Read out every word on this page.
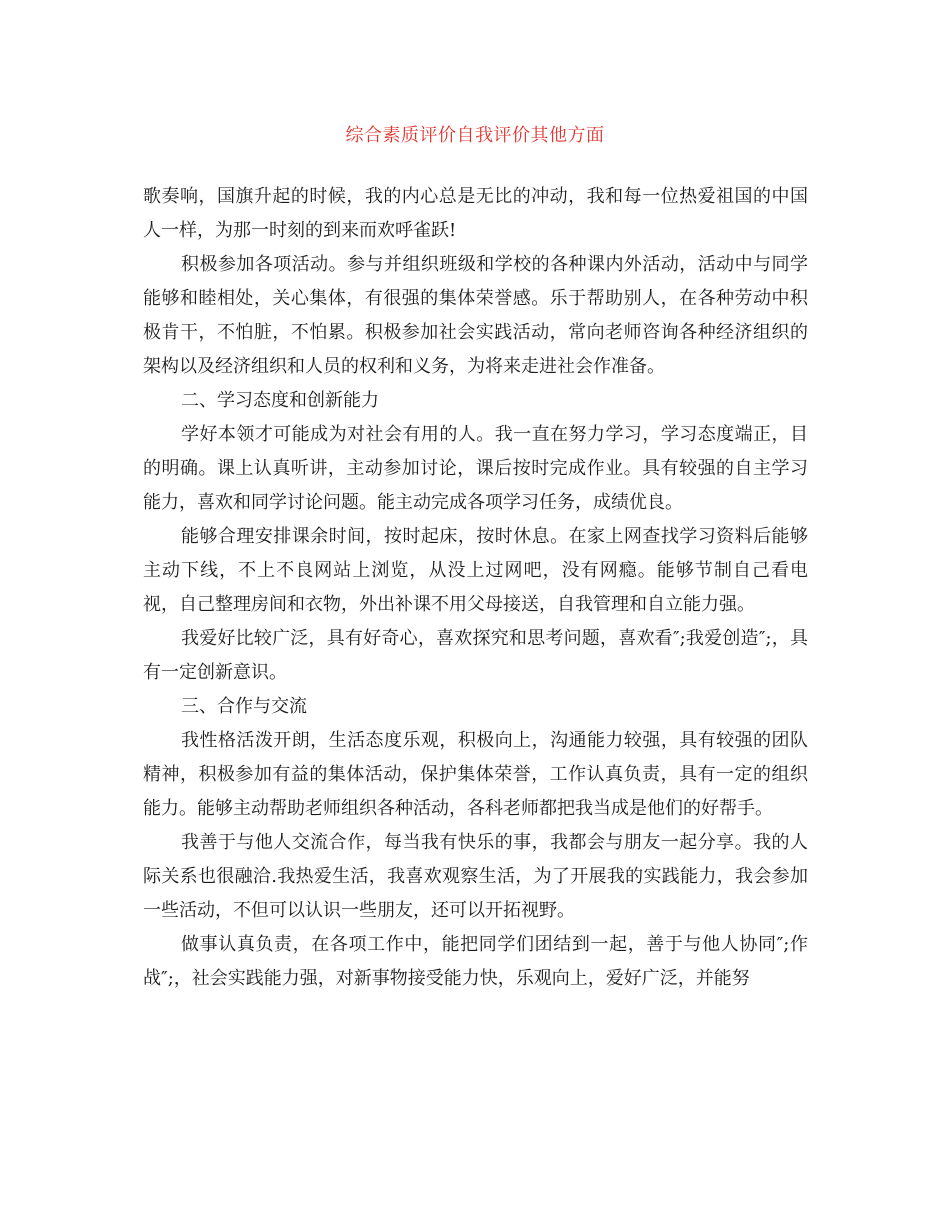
综合素质评价自我评价其他方面

歌奏响，国旗升起的时候，我的内心总是无比的冲动，我和每一位热爱祖国的中国人一样，为那一时刻的到来而欢呼雀跃!

积极参加各项活动。参与并组织班级和学校的各种课内外活动，活动中与同学能够和睦相处，关心集体，有很强的集体荣誉感。乐于帮助别人，在各种劳动中积极肯干，不怕脏，不怕累。积极参加社会实践活动，常向老师咨询各种经济组织的架构以及经济组织和人员的权利和义务，为将来走进社会作准备。

二、学习态度和创新能力

学好本领才可能成为对社会有用的人。我一直在努力学习，学习态度端正，目的明确。课上认真听讲，主动参加讨论，课后按时完成作业。具有较强的自主学习能力，喜欢和同学讨论问题。能主动完成各项学习任务，成绩优良。

能够合理安排课余时间，按时起床，按时休息。在家上网查找学习资料后能够主动下线，不上不良网站上浏览，从没上过网吧，没有网瘾。能够节制自己看电视，自己整理房间和衣物，外出补课不用父母接送，自我管理和自立能力强。

我爱好比较广泛，具有好奇心，喜欢探究和思考问题，喜欢看″;我爱创造″;，具有一定创新意识。

三、合作与交流

我性格活泼开朗，生活态度乐观，积极向上，沟通能力较强，具有较强的团队精神，积极参加有益的集体活动，保护集体荣誉，工作认真负责，具有一定的组织能力。能够主动帮助老师组织各种活动，各科老师都把我当成是他们的好帮手。

我善于与他人交流合作，每当我有快乐的事，我都会与朋友一起分享。我的人际关系也很融洽.我热爱生活，我喜欢观察生活，为了开展我的实践能力，我会参加一些活动，不但可以认识一些朋友，还可以开拓视野。

做事认真负责，在各项工作中，能把同学们团结到一起，善于与他人协同″;作战″;，社会实践能力强，对新事物接受能力快，乐观向上，爱好广泛，并能努
